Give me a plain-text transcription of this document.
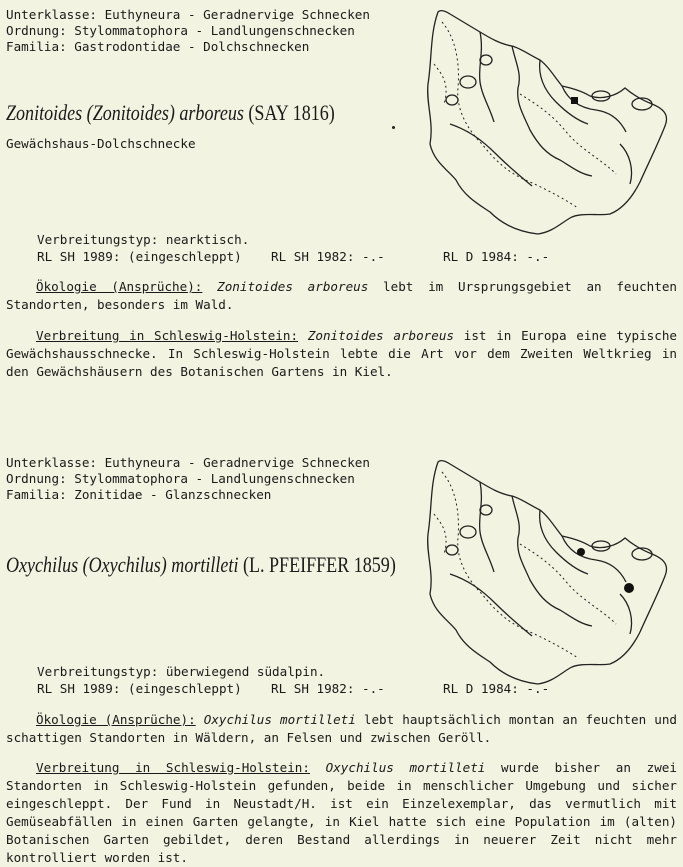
Unterklasse: Euthyneura - Geradnervige Schnecken
Ordnung: Stylommatophora - Landlungenschnecken
Familia: Gastrodontidae - Dolchschnecken
Zonitoides (Zonitoides) arboreus (SAY 1816)
Gewächshaus-Dolchschnecke
Verbreitungstyp: nearktisch.
RL SH 1989: (eingeschleppt) RL SH 1982: -.-	RL D 1984: -.-
Ökologie (Ansprüche): Zonitoides arboreus lebt im Ursprungsgebiet an feuchten Standorten, besonders im Wald.
Verbreitung in Schleswig-Holstein: Zonitoides arboreus ist in Europa eine typische Gewächshausschnecke. In Schleswig-Holstein lebte die Art vor dem Zweiten Weltkrieg in den Gewächshäusern des Botanischen Gartens in Kiel.
Unterklasse: Euthyneura - Geradnervige Schnecken
Ordnung: Stylommatophora - Landlungenschnecken
Familia: Zonitidae - Glanzschnecken
Oxychilus (Oxychilus) mortilleti (L. PFEIFFER 1859)
Verbreitungstyp: überwiegend südalpin.
RL SH 1989: (eingeschleppt) RL SH 1982: -.-	RL D 1984: -.-
Ökologie (Ansprüche): Oxychilus mortilleti lebt hauptsächlich montan an feuchten und schattigen Standorten in Wäldern, an Felsen und zwischen Geröll.
Verbreitung in Schleswig-Holstein: Oxychilus mortilleti wurde bisher an zwei Standorten in Schleswig-Holstein gefunden, beide in menschlicher Umgebung und sicher eingeschleppt. Der Fund in Neustadt/H. ist ein Einzelexemplar, das vermutlich mit Gemüseabfällen in einen Garten gelangte, in Kiel hatte sich eine Population im (alten) Botanischen Garten gebildet, deren Bestand allerdings in neuerer Zeit nicht mehr kontrolliert worden ist.
